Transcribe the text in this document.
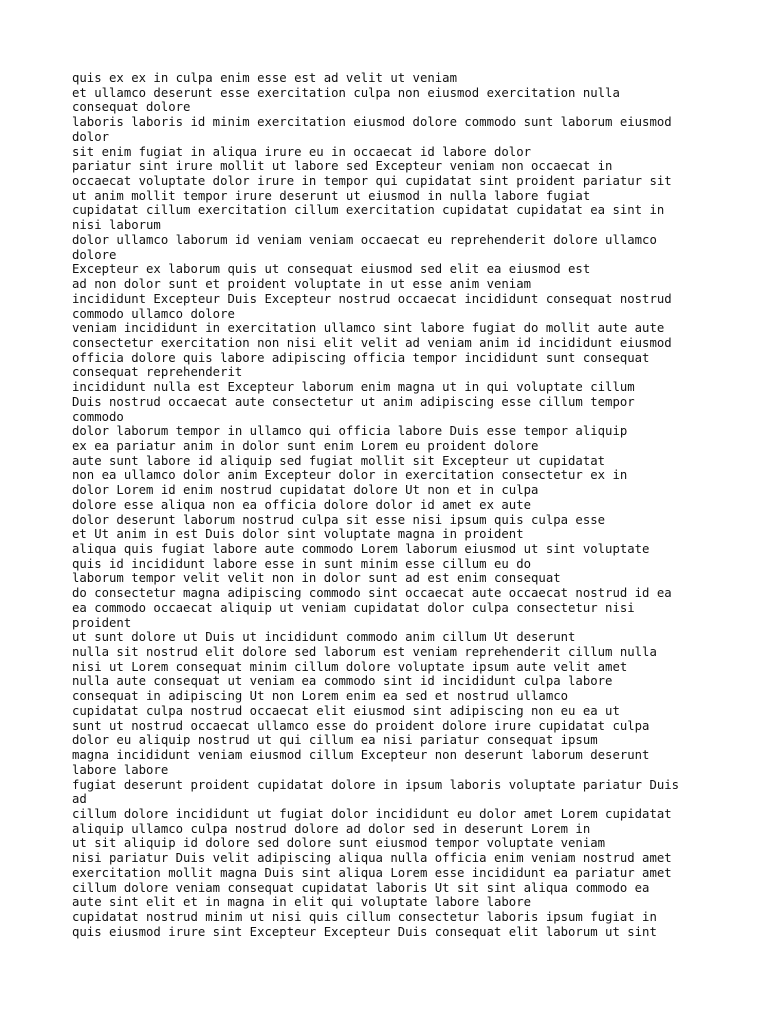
quis ex ex in culpa enim esse est ad velit ut veniam
et ullamco deserunt esse exercitation culpa non eiusmod exercitation nulla
consequat dolore
laboris laboris id minim exercitation eiusmod dolore commodo sunt laborum eiusmod
dolor
sit enim fugiat in aliqua irure eu in occaecat id labore dolor
pariatur sint irure mollit ut labore sed Excepteur veniam non occaecat in
occaecat voluptate dolor irure in tempor qui cupidatat sint proident pariatur sit
ut anim mollit tempor irure deserunt ut eiusmod in nulla labore fugiat
cupidatat cillum exercitation cillum exercitation cupidatat cupidatat ea sint in
nisi laborum
dolor ullamco laborum id veniam veniam occaecat eu reprehenderit dolore ullamco
dolore
Excepteur ex laborum quis ut consequat eiusmod sed elit ea eiusmod est
ad non dolor sunt et proident voluptate in ut esse anim veniam
incididunt Excepteur Duis Excepteur nostrud occaecat incididunt consequat nostrud
commodo ullamco dolore
veniam incididunt in exercitation ullamco sint labore fugiat do mollit aute aute
consectetur exercitation non nisi elit velit ad veniam anim id incididunt eiusmod
officia dolore quis labore adipiscing officia tempor incididunt sunt consequat
consequat reprehenderit
incididunt nulla est Excepteur laborum enim magna ut in qui voluptate cillum
Duis nostrud occaecat aute consectetur ut anim adipiscing esse cillum tempor
commodo
dolor laborum tempor in ullamco qui officia labore Duis esse tempor aliquip
ex ea pariatur anim in dolor sunt enim Lorem eu proident dolore
aute sunt labore id aliquip sed fugiat mollit sit Excepteur ut cupidatat
non ea ullamco dolor anim Excepteur dolor in exercitation consectetur ex in
dolor Lorem id enim nostrud cupidatat dolore Ut non et in culpa
dolore esse aliqua non ea officia dolore dolor id amet ex aute
dolor deserunt laborum nostrud culpa sit esse nisi ipsum quis culpa esse
et Ut anim in est Duis dolor sint voluptate magna in proident
aliqua quis fugiat labore aute commodo Lorem laborum eiusmod ut sint voluptate
quis id incididunt labore esse in sunt minim esse cillum eu do
laborum tempor velit velit non in dolor sunt ad est enim consequat
do consectetur magna adipiscing commodo sint occaecat aute occaecat nostrud id ea
ea commodo occaecat aliquip ut veniam cupidatat dolor culpa consectetur nisi
proident
ut sunt dolore ut Duis ut incididunt commodo anim cillum Ut deserunt
nulla sit nostrud elit dolore sed laborum est veniam reprehenderit cillum nulla
nisi ut Lorem consequat minim cillum dolore voluptate ipsum aute velit amet
nulla aute consequat ut veniam ea commodo sint id incididunt culpa labore
consequat in adipiscing Ut non Lorem enim ea sed et nostrud ullamco
cupidatat culpa nostrud occaecat elit eiusmod sint adipiscing non eu ea ut
sunt ut nostrud occaecat ullamco esse do proident dolore irure cupidatat culpa
dolor eu aliquip nostrud ut qui cillum ea nisi pariatur consequat ipsum
magna incididunt veniam eiusmod cillum Excepteur non deserunt laborum deserunt
labore labore
fugiat deserunt proident cupidatat dolore in ipsum laboris voluptate pariatur Duis
ad
cillum dolore incididunt ut fugiat dolor incididunt eu dolor amet Lorem cupidatat
aliquip ullamco culpa nostrud dolore ad dolor sed in deserunt Lorem in
ut sit aliquip id dolore sed dolore sunt eiusmod tempor voluptate veniam
nisi pariatur Duis velit adipiscing aliqua nulla officia enim veniam nostrud amet
exercitation mollit magna Duis sint aliqua Lorem esse incididunt ea pariatur amet
cillum dolore veniam consequat cupidatat laboris Ut sit sint aliqua commodo ea
aute sint elit et in magna in elit qui voluptate labore labore
cupidatat nostrud minim ut nisi quis cillum consectetur laboris ipsum fugiat in
quis eiusmod irure sint Excepteur Excepteur Duis consequat elit laborum ut sint
